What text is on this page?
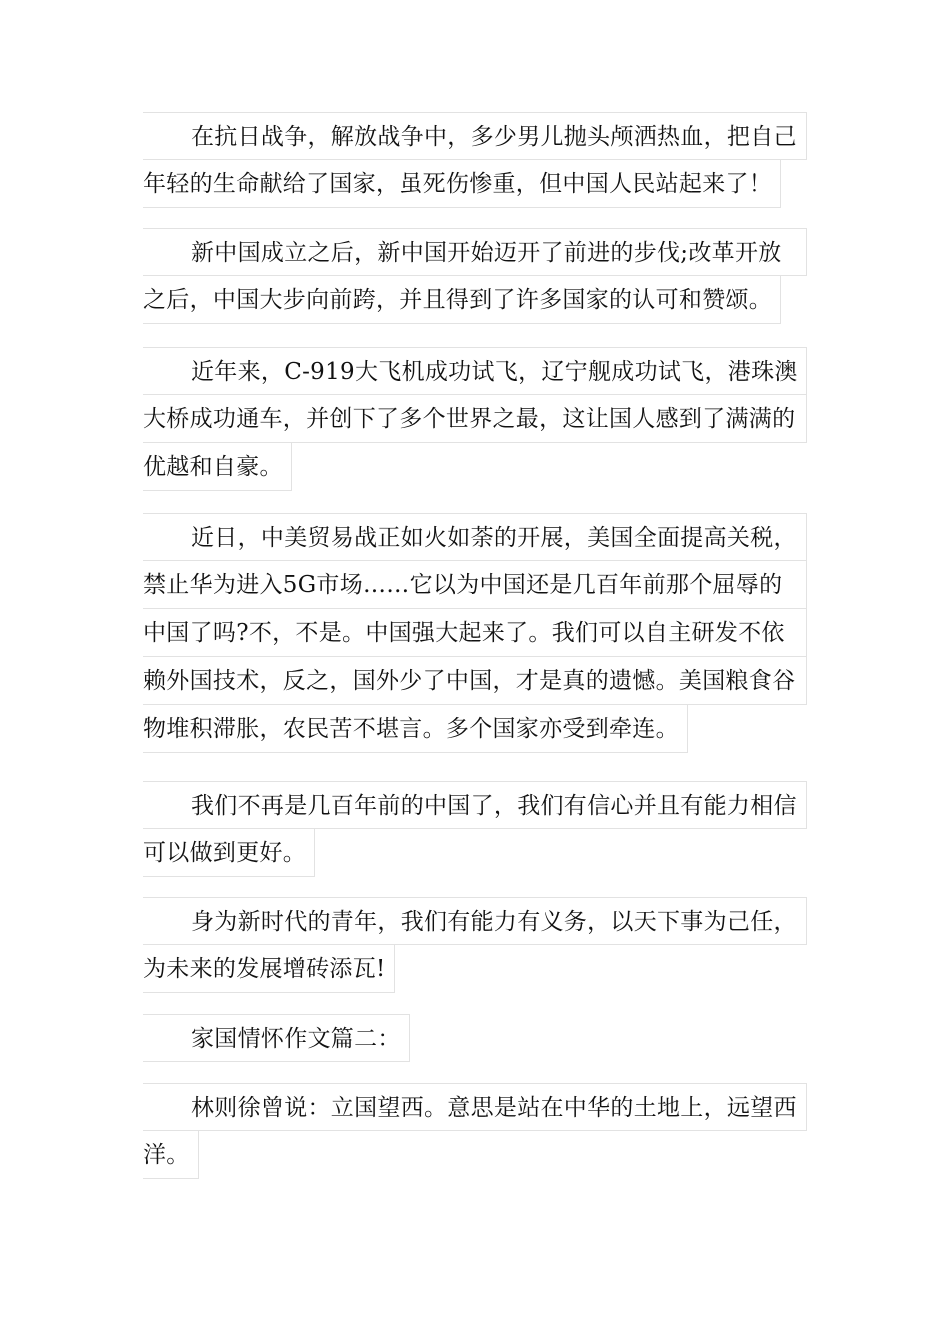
在抗日战争，解放战争中，多少男儿抛头颅洒热血，把自己
年轻的生命献给了国家，虽死伤惨重，但中国人民站起来了！
新中国成立之后，新中国开始迈开了前进的步伐;改革开放
之后，中国大步向前跨，并且得到了许多国家的认可和赞颂。
近年来，C-919大飞机成功试飞，辽宁舰成功试飞，港珠澳
大桥成功通车，并创下了多个世界之最，这让国人感到了满满的
优越和自豪。
近日，中美贸易战正如火如荼的开展，美国全面提高关税，
禁止华为进入5G市场……它以为中国还是几百年前那个屈辱的
中国了吗?不，不是。中国强大起来了。我们可以自主研发不依
赖外国技术，反之，国外少了中国，才是真的遗憾。美国粮食谷
物堆积滞胀，农民苦不堪言。多个国家亦受到牵连。
我们不再是几百年前的中国了，我们有信心并且有能力相信
可以做到更好。
身为新时代的青年，我们有能力有义务，以天下事为己任，
为未来的发展增砖添瓦!
家国情怀作文篇二：
林则徐曾说：立国望西。意思是站在中华的土地上，远望西
洋。
